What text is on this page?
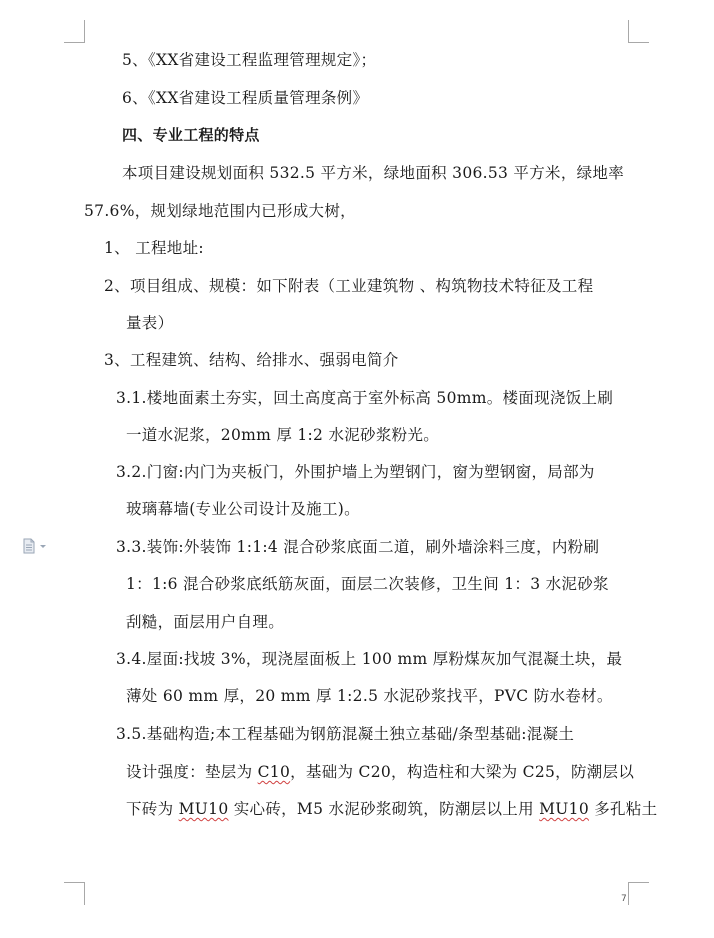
5、《XX省建设工程监理管理规定》；
6、《XX省建设工程质量管理条例》
四、专业工程的特点
本项目建设规划面积 532.5 平方米，绿地面积 306.53 平方米，绿地率
57.6%，规划绿地范围内已形成大树，
1、 工程地址:
2、项目组成、规模：如下附表（工业建筑物 、构筑物技术特征及工程
量表）
3、工程建筑、结构、给排水、强弱电简介
3.1.楼地面素土夯实，回土高度高于室外标高 50mm。楼面现浇饭上刷
一道水泥浆，20mm 厚 1:2 水泥砂浆粉光。
3.2.门窗:内门为夹板门，外围护墙上为塑钢门，窗为塑钢窗，局部为
玻璃幕墙(专业公司设计及施工)。
3.3.装饰:外装饰 1:1:4 混合砂浆底面二道，刷外墙涂料三度，内粉刷
1：1:6 混合砂浆底纸筋灰面，面层二次装修，卫生间 1：3 水泥砂浆
刮糙，面层用户自理。
3.4.屋面:找坡 3%，现浇屋面板上 100 mm 厚粉煤灰加气混凝土块，最
薄处 60 mm 厚，20 mm 厚 1:2.5 水泥砂浆找平，PVC 防水卷材。
3.5.基础构造;本工程基础为钢筋混凝土独立基础/条型基础:混凝土
设计强度：垫层为 C10，基础为 C20，构造柱和大梁为 C25，防潮层以
下砖为 MU10 实心砖，M5 水泥砂浆砌筑，防潮层以上用 MU10 多孔粘土
7
